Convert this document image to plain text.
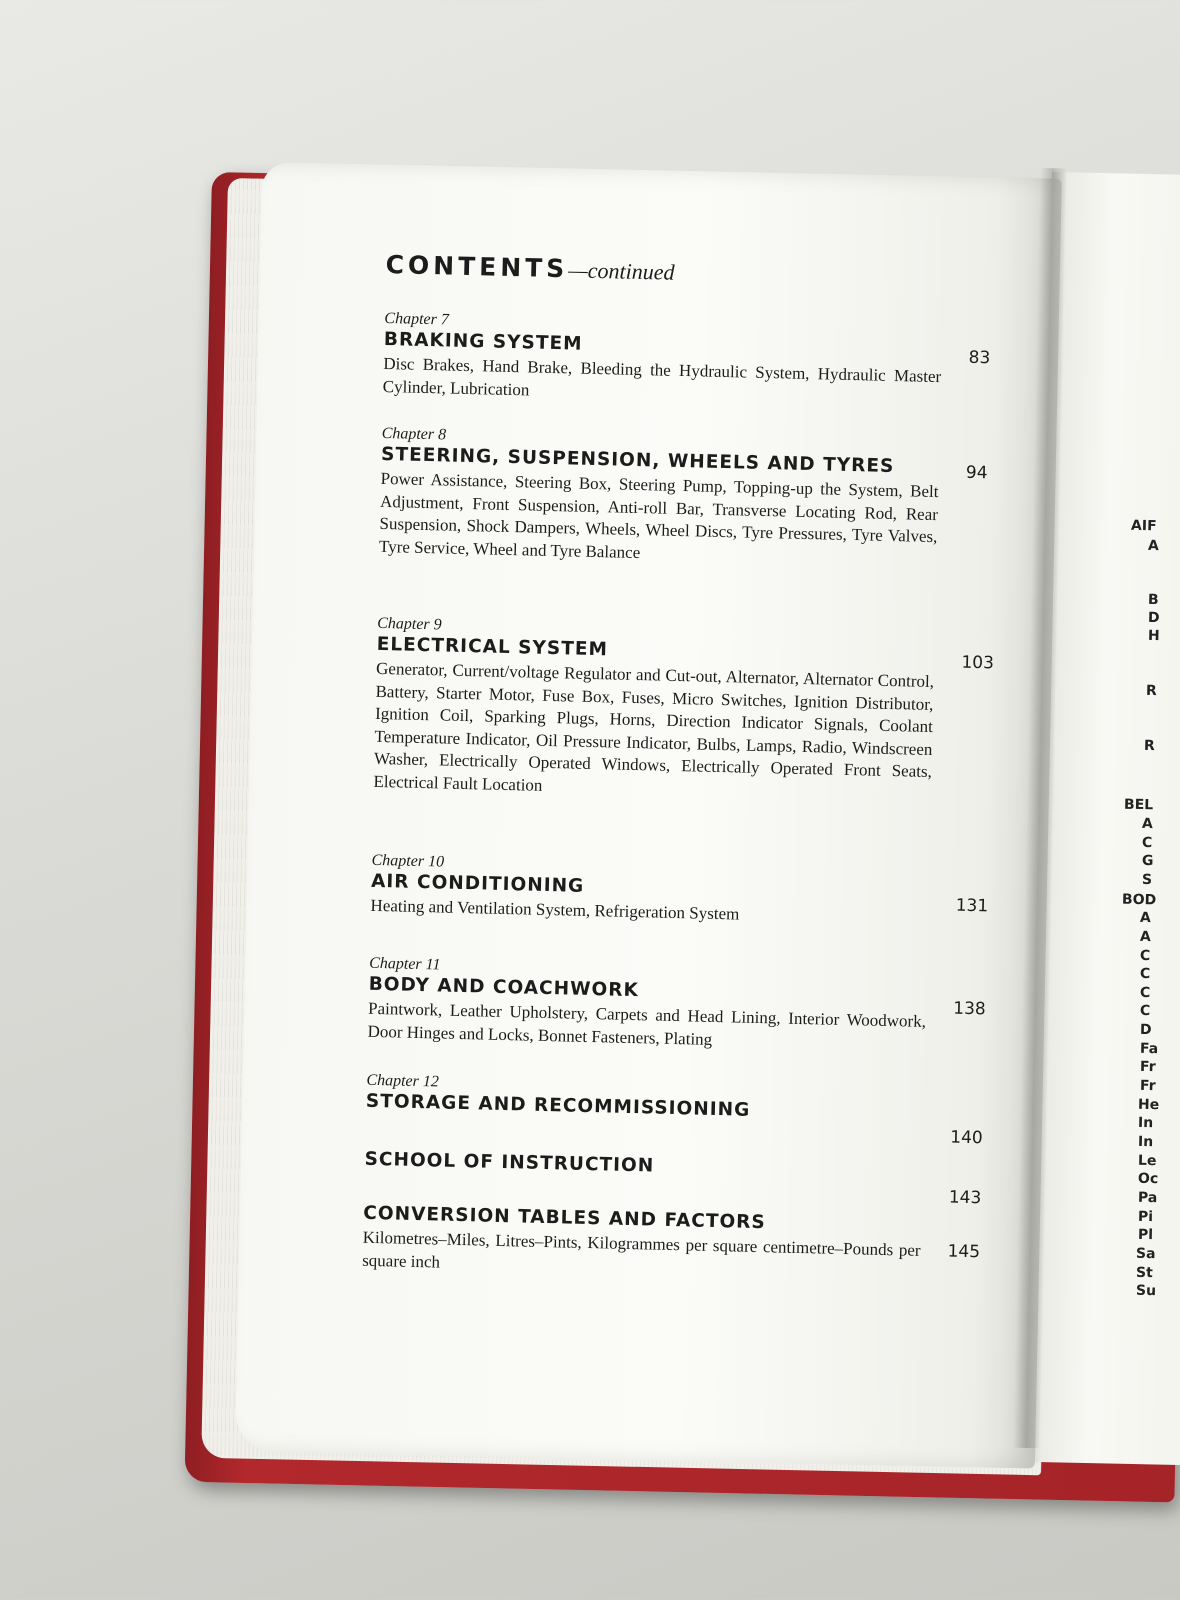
CONTENTS—continued
Chapter 7
BRAKING SYSTEM
Disc Brakes, Hand Brake, Bleeding the Hydraulic System, Hydraulic Master Cylinder, Lubrication
83
Chapter 8
STEERING, SUSPENSION, WHEELS AND TYRES
Power Assistance, Steering Box, Steering Pump, Topping-up the System, Belt Adjustment, Front Suspension, Anti-roll Bar, Transverse Locating Rod, Rear Suspension, Shock Dampers, Wheels, Wheel Discs, Tyre Pressures, Tyre Valves, Tyre Service, Wheel and Tyre Balance
94
Chapter 9
ELECTRICAL SYSTEM
Generator, Current/voltage Regulator and Cut-out, Alternator, Alternator Control, Battery, Starter Motor, Fuse Box, Fuses, Micro Switches, Ignition Distributor, Ignition Coil, Sparking Plugs, Horns, Direction Indicator Signals, Coolant Temperature Indicator, Oil Pressure Indicator, Bulbs, Lamps, Radio, Windscreen Washer, Electrically Operated Windows, Electrically Operated Front Seats, Electrical Fault Location
103
Chapter 10
AIR CONDITIONING
Heating and Ventilation System, Refrigeration System	131
Chapter 11
BODY AND COACHWORK
Paintwork, Leather Upholstery, Carpets and Head Lining, Interior Woodwork, Door Hinges and Locks, Bonnet Fasteners, Plating
138
Chapter 12
STORAGE AND RECOMMISSIONING
140
SCHOOL OF INSTRUCTION
143
CONVERSION TABLES AND FACTORS
Kilometres–Miles, Litres–Pints, Kilogrammes per square centimetre–Pounds per square inch	145
AIF
A
B
D
H
R
R
BEL
A
C
G
S
BOD
A
A
C
C
C
C
D
Fa
Fr
Fr
He
In
In
Le
Oc
Pa
Pi
Pl
Sa
St
Su
